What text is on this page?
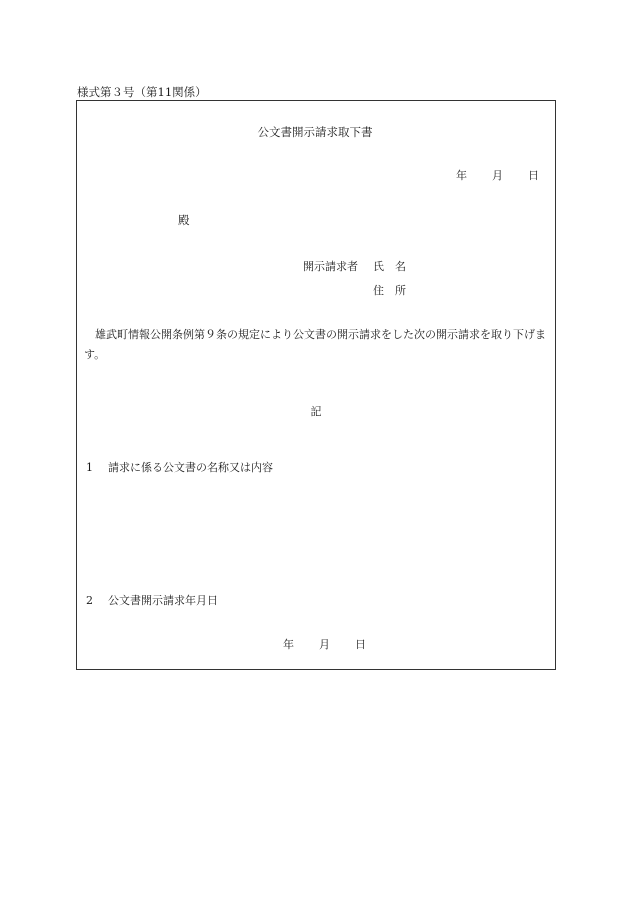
様式第３号（第11関係）
公文書開示請求取下書
年 月 日
殿
開示請求者 氏　名
住　所
雄武町情報公開条例第９条の規定により公文書の開示請求をした次の開示請求を取り下げます。
記
1 請求に係る公文書の名称又は内容
2 公文書開示請求年月日
年 月 日
